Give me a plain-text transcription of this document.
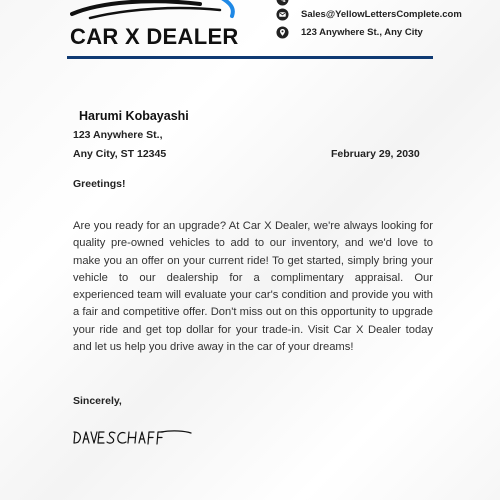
CAR X DEALER
Sales@YellowLettersComplete.com
123 Anywhere St., Any City
Harumi Kobayashi
123 Anywhere St.,
Any City, ST 12345	February 29, 2030
Greetings!

Are you ready for an upgrade? At Car X Dealer, we're always looking for quality pre-owned vehicles to add to our inventory, and we'd love to make you an offer on your current ride! To get started, simply bring your vehicle to our dealership for a complimentary appraisal. Our experienced team will evaluate your car's condition and provide you with a fair and competitive offer. Don't miss out on this opportunity to upgrade your ride and get top dollar for your trade-in. Visit Car X Dealer today and let us help you drive away in the car of your dreams!

Sincerely,
